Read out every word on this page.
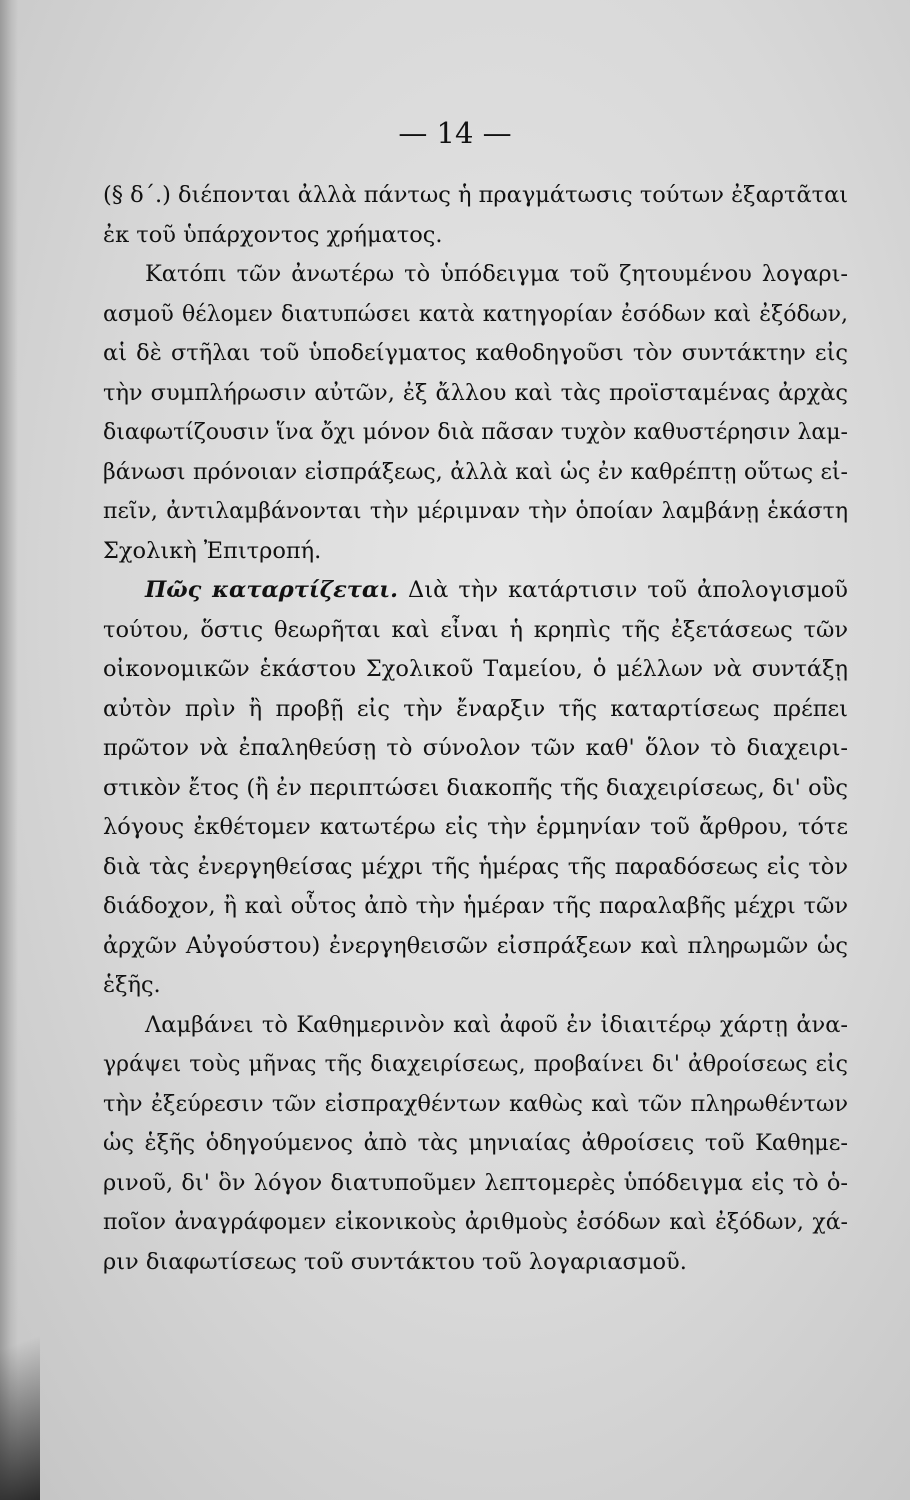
— 14 —
(§ δ΄.) διέπονται ἀλλὰ πάντως ἡ πραγμάτωσις τούτων ἐξαρτᾶται
ἐκ τοῦ ὑπάρχοντος χρήματος.
Κατόπι τῶν ἀνωτέρω τὸ ὑπόδειγμα τοῦ ζητουμένου λογαρι-
ασμοῦ θέλομεν διατυπώσει κατὰ κατηγορίαν ἐσόδων καὶ ἐξόδων,
αἱ δὲ στῆλαι τοῦ ὑποδείγματος καθοδηγοῦσι τὸν συντάκτην εἰς
τὴν συμπλήρωσιν αὐτῶν, ἐξ ἄλλου καὶ τὰς προϊσταμένας ἀρχὰς
διαφωτίζουσιν ἵνα ὄχι μόνον διὰ πᾶσαν τυχὸν καθυστέρησιν λαμ-
βάνωσι πρόνοιαν εἰσπράξεως, ἀλλὰ καὶ ὡς ἐν καθρέπτῃ οὕτως εἰ-
πεῖν, ἀντιλαμβάνονται τὴν μέριμναν τὴν ὁποίαν λαμβάνῃ ἑκάστη
Σχολικὴ Ἐπιτροπή.
Πῶς καταρτίζεται. Διὰ τὴν κατάρτισιν τοῦ ἀπολογισμοῦ
τούτου, ὅστις θεωρῆται καὶ εἶναι ἡ κρηπὶς τῆς ἐξετάσεως τῶν
οἰκονομικῶν ἑκάστου Σχολικοῦ Ταμείου, ὁ μέλλων νὰ συντάξῃ
αὐτὸν πρὶν ἢ προβῇ εἰς τὴν ἔναρξιν τῆς καταρτίσεως πρέπει
πρῶτον νὰ ἐπαληθεύσῃ τὸ σύνολον τῶν καθ' ὅλον τὸ διαχειρι-
στικὸν ἔτος (ἢ ἐν περιπτώσει διακοπῆς τῆς διαχειρίσεως, δι' οὓς
λόγους ἐκθέτομεν κατωτέρω εἰς τὴν ἑρμηνίαν τοῦ ἄρθρου, τότε
διὰ τὰς ἐνεργηθείσας μέχρι τῆς ἡμέρας τῆς παραδόσεως εἰς τὸν
διάδοχον, ἢ καὶ οὗτος ἀπὸ τὴν ἡμέραν τῆς παραλαβῆς μέχρι τῶν
ἀρχῶν Αὐγούστου) ἐνεργηθεισῶν εἰσπράξεων καὶ πληρωμῶν ὡς
ἑξῆς.
Λαμβάνει τὸ Καθημερινὸν καὶ ἀφοῦ ἐν ἰδιαιτέρῳ χάρτῃ ἀνα-
γράψει τοὺς μῆνας τῆς διαχειρίσεως, προβαίνει δι' ἀθροίσεως εἰς
τὴν ἐξεύρεσιν τῶν εἰσπραχθέντων καθὼς καὶ τῶν πληρωθέντων
ὡς ἑξῆς ὁδηγούμενος ἀπὸ τὰς μηνιαίας ἀθροίσεις τοῦ Καθημε-
ρινοῦ, δι' ὃν λόγον διατυποῦμεν λεπτομερὲς ὑπόδειγμα εἰς τὸ ὁ-
ποῖον ἀναγράφομεν εἰκονικοὺς ἀριθμοὺς ἐσόδων καὶ ἐξόδων, χά-
ριν διαφωτίσεως τοῦ συντάκτου τοῦ λογαριασμοῦ.
